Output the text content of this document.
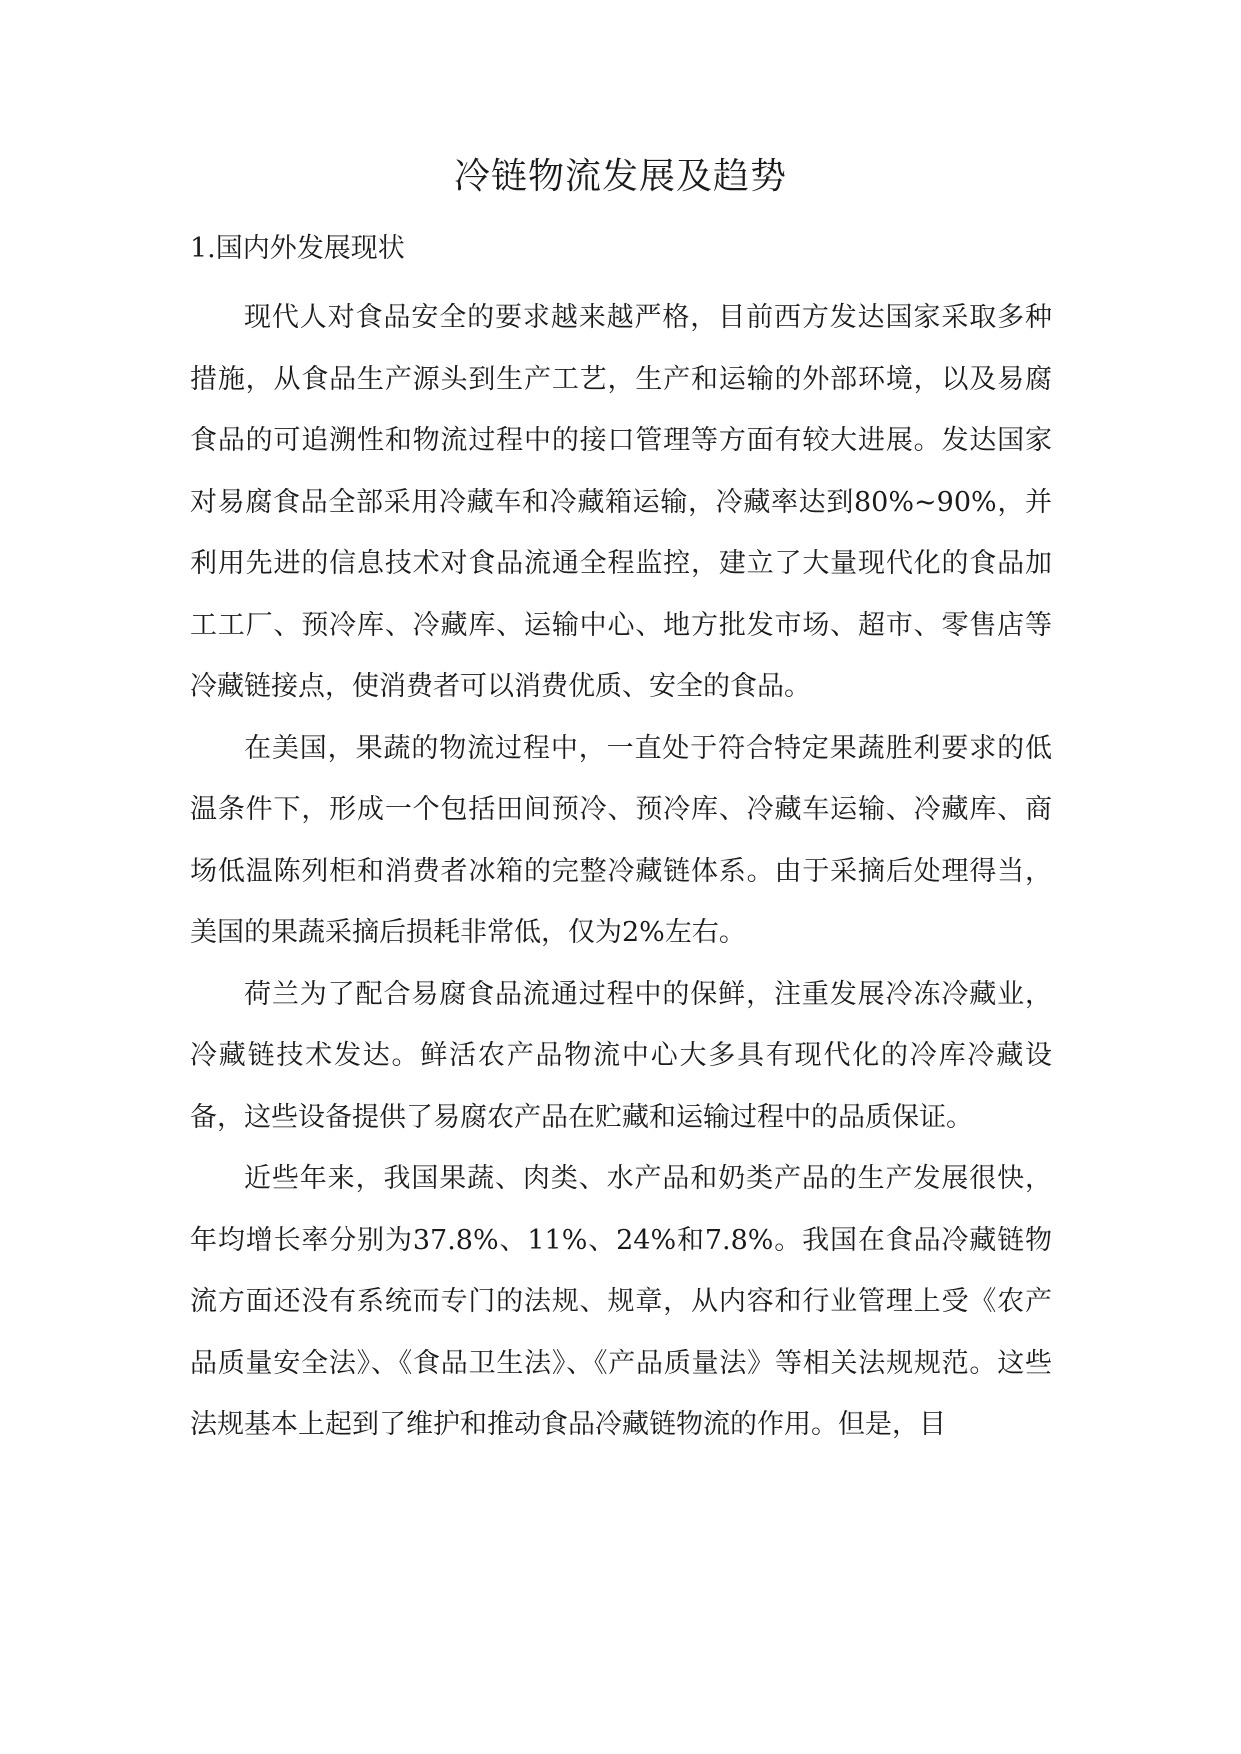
冷链物流发展及趋势
1.国内外发展现状

现代人对食品安全的要求越来越严格，目前西方发达国家采取多种措施，从食品生产源头到生产工艺，生产和运输的外部环境，以及易腐食品的可追溯性和物流过程中的接口管理等方面有较大进展。发达国家对易腐食品全部采用冷藏车和冷藏箱运输，冷藏率达到80%~90%，并利用先进的信息技术对食品流通全程监控，建立了大量现代化的食品加工工厂、预冷库、冷藏库、运输中心、地方批发市场、超市、零售店等冷藏链接点，使消费者可以消费优质、安全的食品。

在美国，果蔬的物流过程中，一直处于符合特定果蔬胜利要求的低温条件下，形成一个包括田间预冷、预冷库、冷藏车运输、冷藏库、商场低温陈列柜和消费者冰箱的完整冷藏链体系。由于采摘后处理得当，美国的果蔬采摘后损耗非常低，仅为2%左右。

荷兰为了配合易腐食品流通过程中的保鲜，注重发展冷冻冷藏业，冷藏链技术发达。鲜活农产品物流中心大多具有现代化的冷库冷藏设备，这些设备提供了易腐农产品在贮藏和运输过程中的品质保证。

近些年来，我国果蔬、肉类、水产品和奶类产品的生产发展很快，年均增长率分别为37.8%、11%、24%和7.8%。我国在食品冷藏链物流方面还没有系统而专门的法规、规章，从内容和行业管理上受《农产品质量安全法》、《食品卫生法》、《产品质量法》等相关法规规范。这些法规基本上起到了维护和推动食品冷藏链物流的作用。但是，目
